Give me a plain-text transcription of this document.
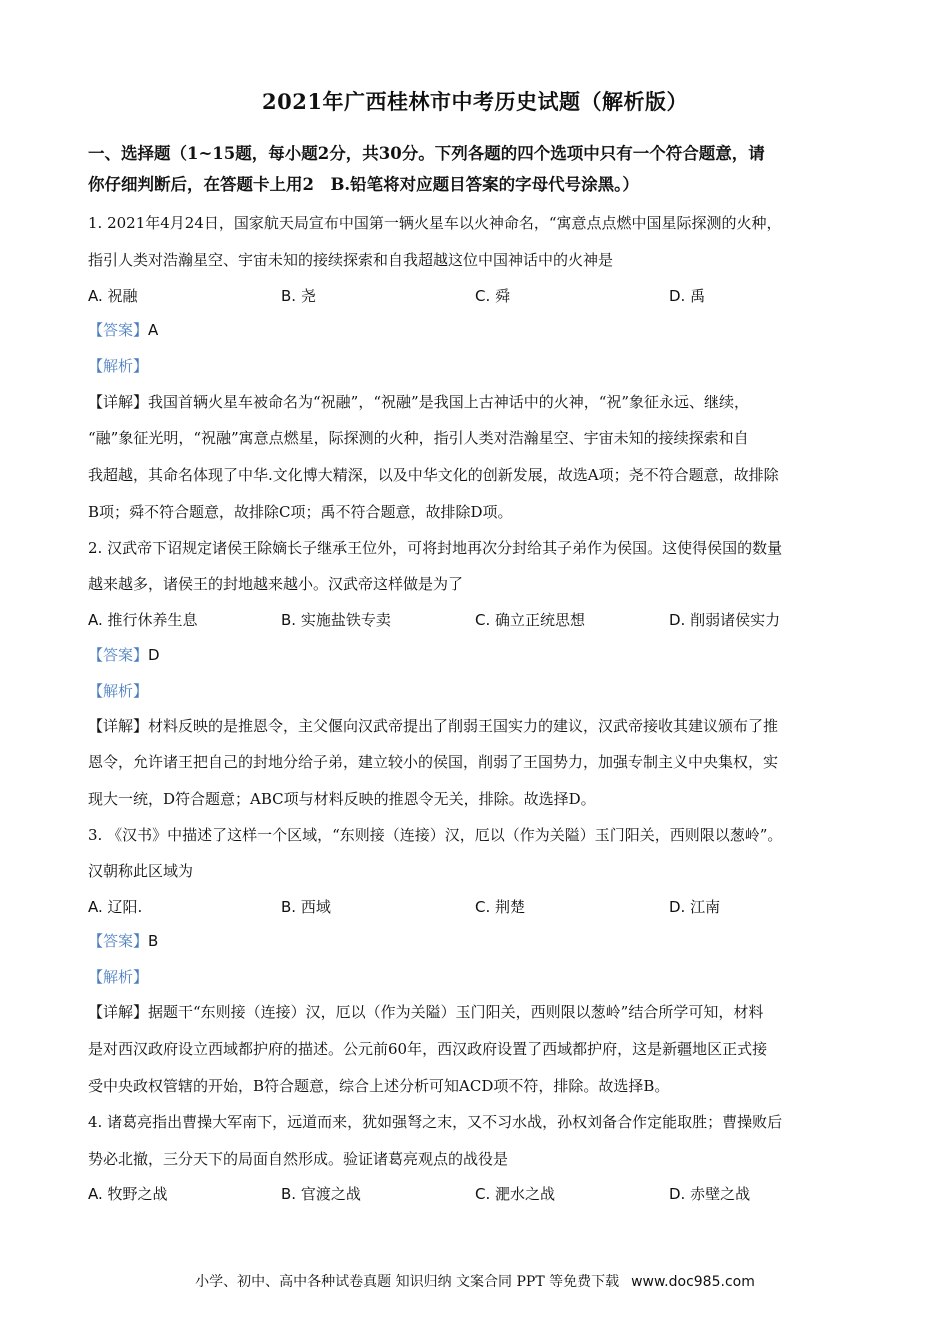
2021年广西桂林市中考历史试题（解析版）
一、选择题（1~15题，每小题2分，共30分。下列各题的四个选项中只有一个符合题意，请
你仔细判断后，在答题卡上用2　B.铅笔将对应题目答案的字母代号涂黑。）
1. 2021年4月24日，国家航天局宣布中国第一辆火星车以火神命名，“寓意点点燃中国星际探测的火种，
指引人类对浩瀚星空、宇宙未知的接续探索和自我超越这位中国神话中的火神是
A. 祝融	B. 尧	C. 舜	D. 禹
【答案】A
【解析】
【详解】我国首辆火星车被命名为“祝融”，“祝融”是我国上古神话中的火神，“祝”象征永远、继续，
“融”象征光明，“祝融”寓意点燃星，际探测的火种，指引人类对浩瀚星空、宇宙未知的接续探索和自
我超越，其命名体现了中华.文化博大精深，以及中华文化的创新发展，故选A项；尧不符合题意，故排除
B项；舜不符合题意，故排除C项；禹不符合题意，故排除D项。
2. 汉武帝下诏规定诸侯王除嫡长子继承王位外，可将封地再次分封给其子弟作为侯国。这使得侯国的数量
越来越多，诸侯王的封地越来越小。汉武帝这样做是为了
A. 推行休养生息	B. 实施盐铁专卖	C. 确立正统思想	D. 削弱诸侯实力
【答案】D
【解析】
【详解】材料反映的是推恩令，主父偃向汉武帝提出了削弱王国实力的建议，汉武帝接收其建议颁布了推
恩令，允许诸王把自己的封地分给子弟，建立较小的侯国，削弱了王国势力，加强专制主义中央集权，实
现大一统，D符合题意；ABC项与材料反映的推恩令无关，排除。故选择D。
3. 《汉书》中描述了这样一个区域，“东则接（连接）汉，厄以（作为关隘）玉门阳关，西则限以葱岭”。
汉朝称此区域为
A. 辽阳.	B. 西域	C. 荆楚	D. 江南
【答案】B
【解析】
【详解】据题干“东则接（连接）汉，厄以（作为关隘）玉门阳关，西则限以葱岭”结合所学可知，材料
是对西汉政府设立西域都护府的描述。公元前60年，西汉政府设置了西域都护府，这是新疆地区正式接
受中央政权管辖的开始，B符合题意，综合上述分析可知ACD项不符，排除。故选择B。
4. 诸葛亮指出曹操大军南下，远道而来，犹如强弩之末，又不习水战，孙权刘备合作定能取胜；曹操败后
势必北撤，三分天下的局面自然形成。验证诸葛亮观点的战役是
A. 牧野之战	B. 官渡之战	C. 淝水之战	D. 赤壁之战
小学、初中、高中各种试卷真题 知识归纳 文案合同 PPT 等免费下载 www.doc985.com
